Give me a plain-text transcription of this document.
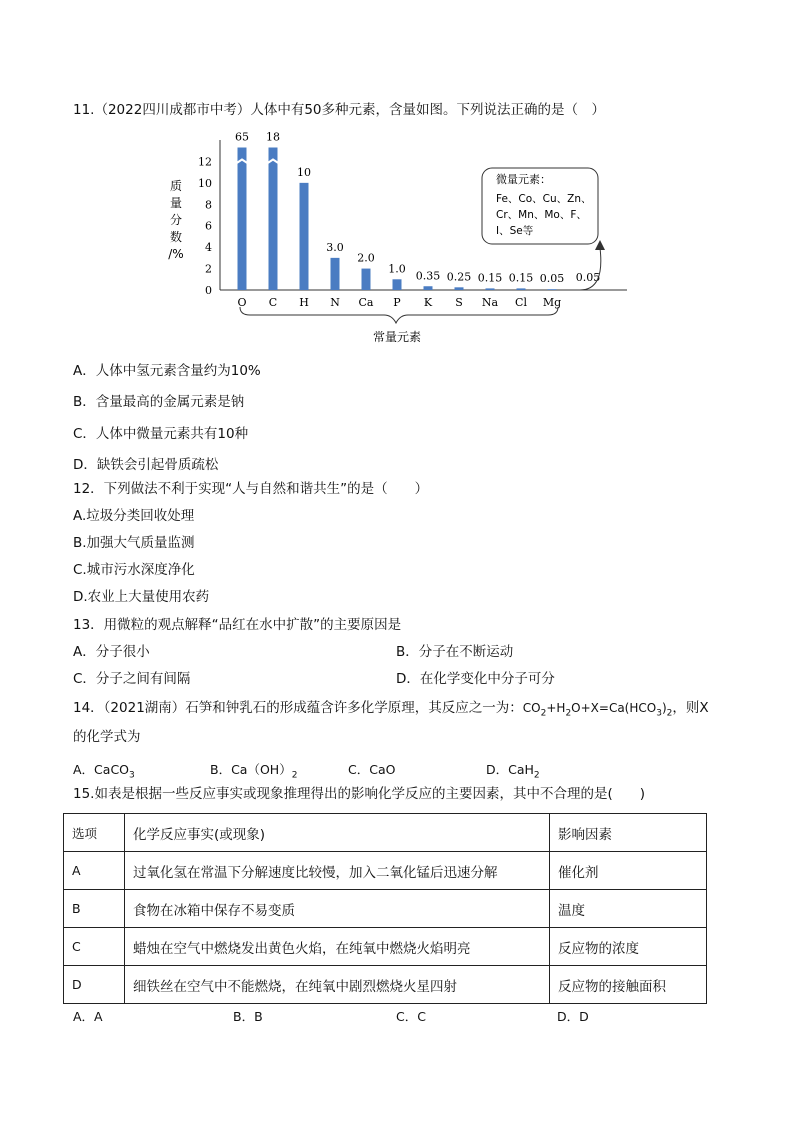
11.（2022四川成都市中考）人体中有50多种元素，含量如图。下列说法正确的是（　）
质
量
分
数
/%
0
2
4
6
8
10
12
O C H N Ca P K S Na Cl Mg
65 18
10
3.0
2.0
1.0
0.35 0.25 0.15 0.15 0.05 0.05
常量元素
微量元素：
Fe、Co、Cu、Zn、
Cr、Mn、Mo、F、
I、Se等
A．人体中氢元素含量约为10%
B．含量最高的金属元素是钠
C．人体中微量元素共有10种
D．缺铁会引起骨质疏松
12．下列做法不利于实现“人与自然和谐共生”的是（　　）
A.垃圾分类回收处理
B.加强大气质量监测
C.城市污水深度净化
D.农业上大量使用农药
13．用微粒的观点解释“品红在水中扩散”的主要原因是
A．分子很小	B．分子在不断运动
C．分子之间有间隔	D．在化学变化中分子可分
14．（2021湖南）石笋和钟乳石的形成蕴含许多化学原理，其反应之一为：$CO_2+H_2O+X=Ca(HCO_3)_2$，则X
的化学式为
A．CaCO$_3$	B．$Ca(OH)_2$	C．CaO	D．CaH$_2$
15.如表是根据一些反应事实或现象推理得出的影响化学反应的主要因素，其中不合理的是(　　)
选项	化学反应事实(或现象)	影响因素
A	过氧化氢在常温下分解速度比较慢，加入二氧化锰后迅速分解	催化剂
B	食物在冰箱中保存不易变质	温度
C	蜡烛在空气中燃烧发出黄色火焰，在纯氧中燃烧火焰明亮	反应物的浓度
D	细铁丝在空气中不能燃烧，在纯氧中剧烈燃烧火星四射	反应物的接触面积
A．A	B．B	C．C	D．D
